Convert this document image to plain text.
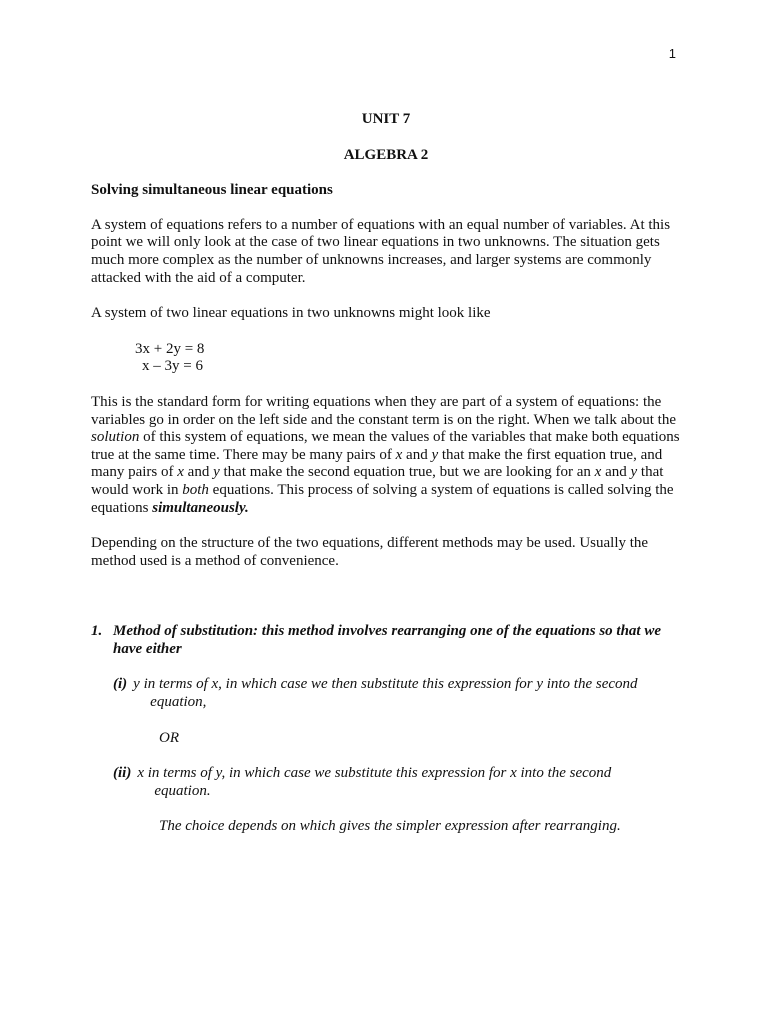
1
UNIT 7
ALGEBRA 2
Solving simultaneous linear equations

A system of equations refers to a number of equations with an equal number of variables. At this point we will only look at the case of two linear equations in two unknowns. The situation gets much more complex as the number of unknowns increases, and larger systems are commonly attacked with the aid of a computer.

A system of two linear equations in two unknowns might look like

3x + 2y = 8
x – 3y = 6

This is the standard form for writing equations when they are part of a system of equations: the variables go in order on the left side and the constant term is on the right. When we talk about the solution of this system of equations, we mean the values of the variables that make both equations true at the same time. There may be many pairs of x and y that make the first equation true, and many pairs of x and y that make the second equation true, but we are looking for an x and y that would work in both equations. This process of solving a system of equations is called solving the equations simultaneously.

Depending on the structure of the two equations, different methods may be used. Usually the method used is a method of convenience.

1. Method of substitution: this method involves rearranging one of the equations so that we have either
(i) y in terms of x, in which case we then substitute this expression for y into the second
equation,
OR
(ii) x in terms of y, in which case we substitute this expression for x into the second
equation.
The choice depends on which gives the simpler expression after rearranging.
